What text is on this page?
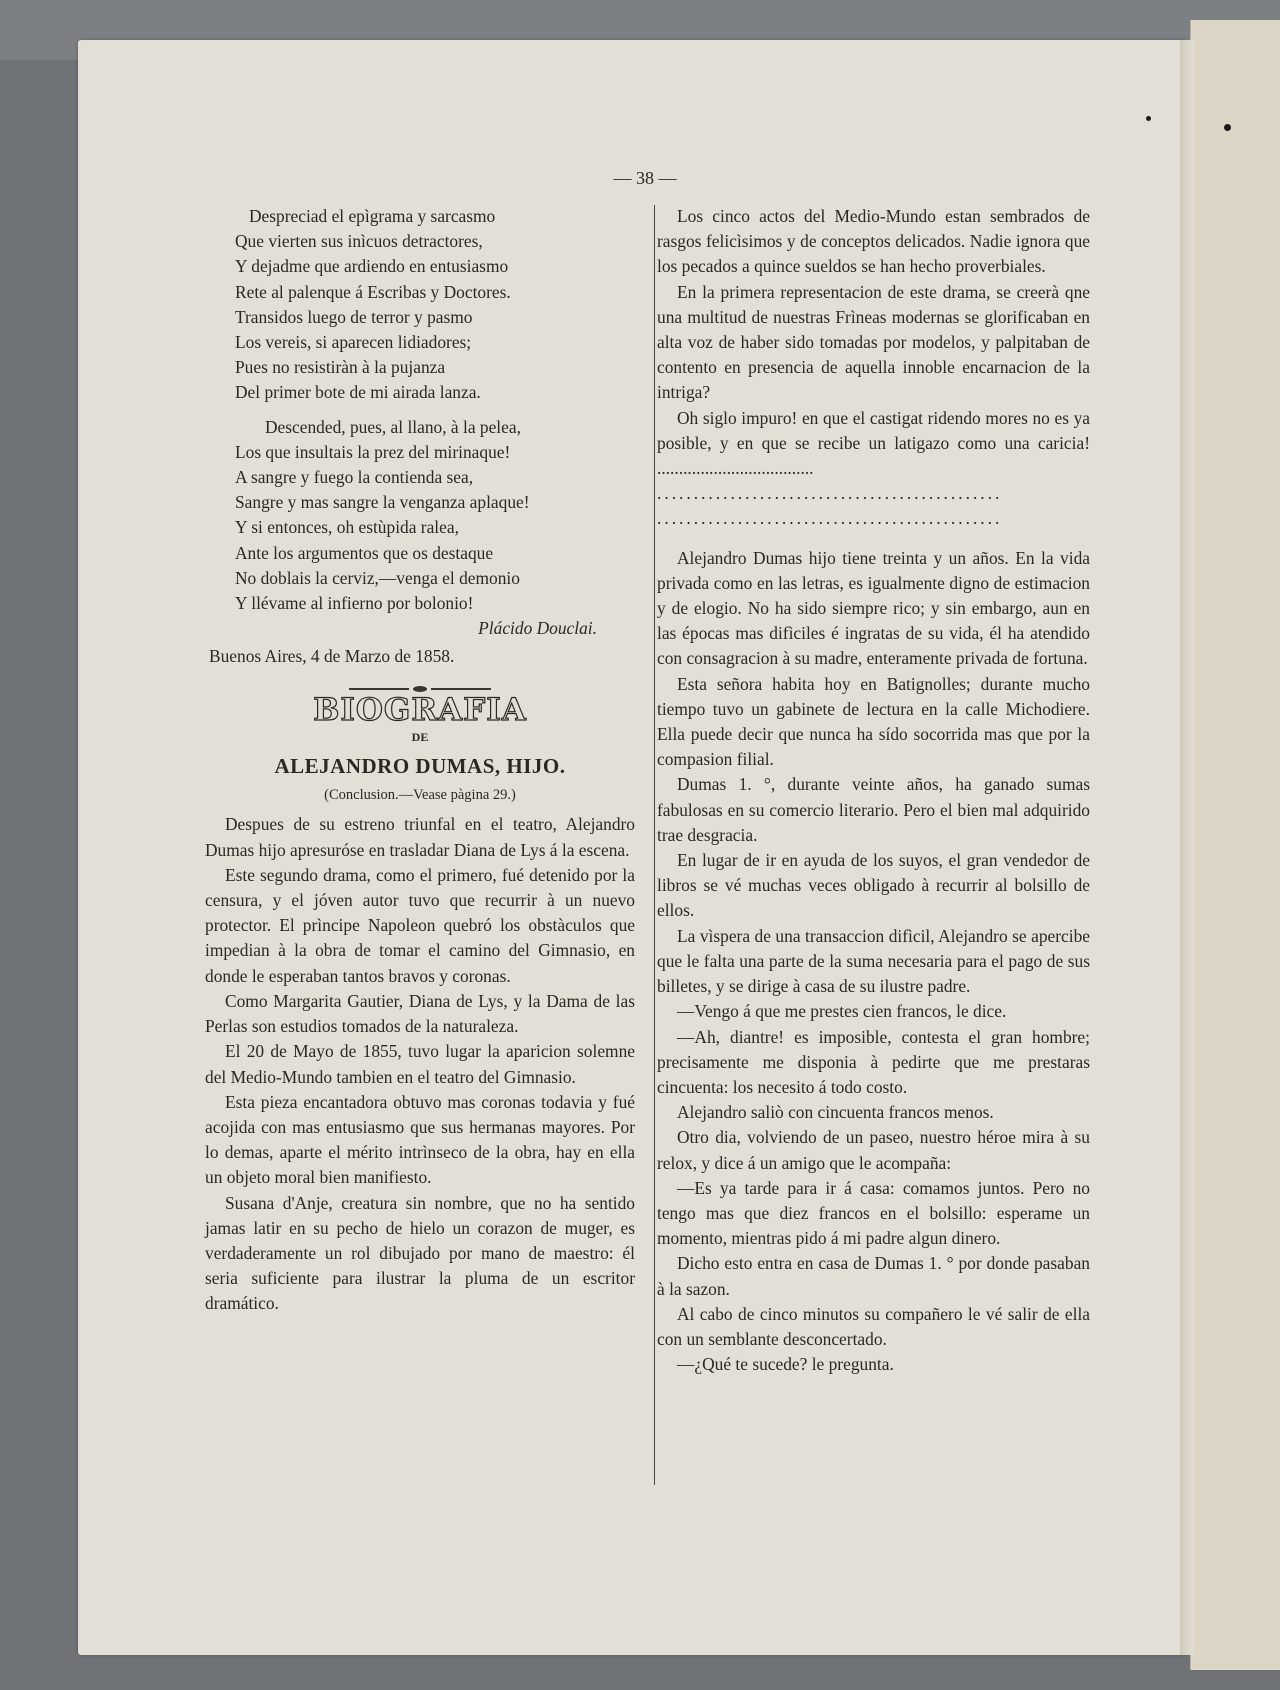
— 38 —
Despreciad el epìgrama y sarcasmo
Que vierten sus inìcuos detractores,
Y dejadme que ardiendo en entusiasmo
Rete al palenque á Escribas y Doctores.
Transidos luego de terror y pasmo
Los vereis, si aparecen lidiadores;
Pues no resistiràn à la pujanza
Del primer bote de mi airada lanza.
Descended, pues, al llano, à la pelea,
Los que insultais la prez del mirinaque!
A sangre y fuego la contienda sea,
Sangre y mas sangre la venganza aplaque!
Y si entonces, oh estùpida ralea,
Ante los argumentos que os destaque
No doblais la cerviz,—venga el demonio
Y llévame al infierno por bolonio!
Plácido Douclai.
Buenos Aires, 4 de Marzo de 1858.
BIOGRAFIA
DE
ALEJANDRO DUMAS, HIJO.
(Conclusion.—Vease pàgina 29.)

Despues de su estreno triunfal en el teatro, Alejandro Dumas hijo apresuróse en trasladar Diana de Lys á la escena.

Este segundo drama, como el primero, fué detenido por la censura, y el jóven autor tuvo que recurrir à un nuevo protector. El prìncipe Napoleon quebró los obstàculos que impedian à la obra de tomar el camino del Gimnasio, en donde le esperaban tantos bravos y coronas.

Como Margarita Gautier, Diana de Lys, y la Dama de las Perlas son estudios tomados de la naturaleza.

El 20 de Mayo de 1855, tuvo lugar la aparicion solemne del Medio-Mundo tambien en el teatro del Gimnasio.

Esta pieza encantadora obtuvo mas coronas todavia y fué acojida con mas entusiasmo que sus hermanas mayores. Por lo demas, aparte el mérito intrìnseco de la obra, hay en ella un objeto moral bien manifiesto.

Susana d'Anje, creatura sin nombre, que no ha sentido jamas latir en su pecho de hielo un corazon de muger, es verdaderamente un rol dibujado por mano de maestro: él seria suficiente para ilustrar la pluma de un escritor dramático.

Los cinco actos del Medio-Mundo estan sembrados de rasgos felicìsimos y de conceptos delicados. Nadie ignora que los pecados a quince sueldos se han hecho proverbiales.

En la primera representacion de este drama, se creerà qne una multitud de nuestras Frìneas modernas se glorificaban en alta voz de haber sido tomadas por modelos, y palpitaban de contento en presencia de aquella innoble encarnacion de la intriga?

Oh siglo impuro! en que el castigat ridendo mores no es ya posible, y en que se recibe un latigazo como una caricia! ....................................

...............................................

...............................................

Alejandro Dumas hijo tiene treinta y un años. En la vida privada como en las letras, es igualmente digno de estimacion y de elogio. No ha sido siempre rico; y sin embargo, aun en las épocas mas difìciles é ingratas de su vida, él ha atendido con consagracion à su madre, enteramente privada de fortuna.

Esta señora habita hoy en Batignolles; durante mucho tiempo tuvo un gabinete de lectura en la calle Michodiere. Ella puede decir que nunca ha sído socorrida mas que por la compasion filial.

Dumas 1. °, durante veinte años, ha ganado sumas fabulosas en su comercio literario. Pero el bien mal adquirido trae desgracia.

En lugar de ir en ayuda de los suyos, el gran vendedor de libros se vé muchas veces obligado à recurrir al bolsillo de ellos.

La vìspera de una transaccion difìcil, Alejandro se apercibe que le falta una parte de la suma necesaria para el pago de sus billetes, y se dirige à casa de su ilustre padre.

—Vengo á que me prestes cien francos, le dice.

—Ah, diantre! es imposible, contesta el gran hombre; precisamente me disponia à pedirte que me prestaras cincuenta: los necesito á todo costo.

Alejandro saliò con cincuenta francos menos.

Otro dia, volviendo de un paseo, nuestro héroe mira à su relox, y dice á un amigo que le acompaña:

—Es ya tarde para ir á casa: comamos juntos. Pero no tengo mas que diez francos en el bolsillo: esperame un momento, mientras pido á mi padre algun dinero.

Dicho esto entra en casa de Dumas 1. ° por donde pasaban à la sazon.

Al cabo de cinco minutos su compañero le vé salir de ella con un semblante desconcertado.

—¿Qué te sucede? le pregunta.
